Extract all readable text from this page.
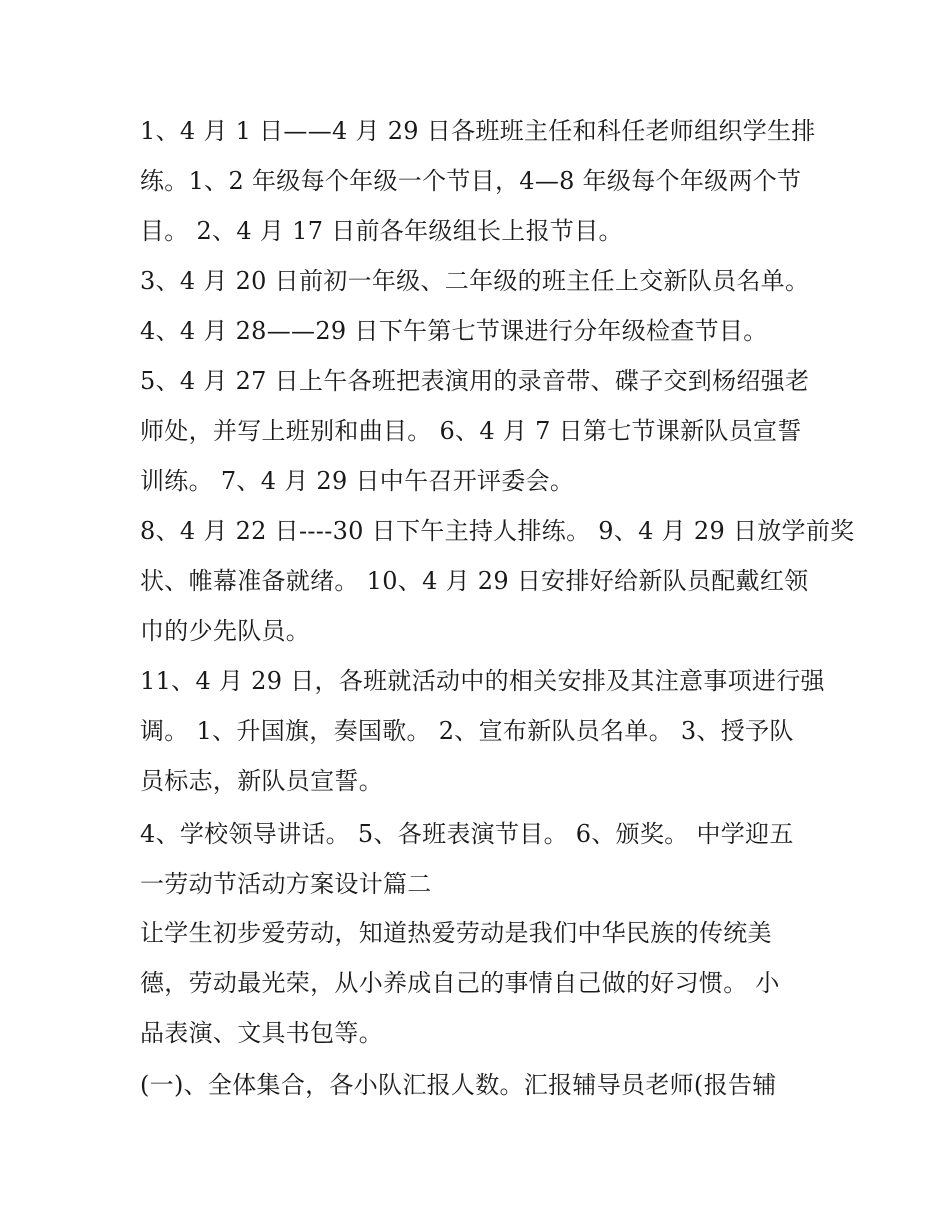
1、4 月 1 日——4 月 29 日各班班主任和科任老师组织学生排
练。1、2 年级每个年级一个节目，4—8 年级每个年级两个节
目。 2、4 月 17 日前各年级组长上报节目。

3、4 月 20 日前初一年级、二年级的班主任上交新队员名单。

4、4 月 28——29 日下午第七节课进行分年级检查节目。

5、4 月 27 日上午各班把表演用的录音带、碟子交到杨绍强老
师处，并写上班别和曲目。 6、4 月 7 日第七节课新队员宣誓
训练。 7、4 月 29 日中午召开评委会。

8、4 月 22 日----30 日下午主持人排练。 9、4 月 29 日放学前奖
状、帷幕准备就绪。 10、4 月 29 日安排好给新队员配戴红领
巾的少先队员。

11、4 月 29 日，各班就活动中的相关安排及其注意事项进行强
调。 1、升国旗，奏国歌。 2、宣布新队员名单。 3、授予队
员标志，新队员宣誓。

4、学校领导讲话。 5、各班表演节目。 6、颁奖。 中学迎五
一劳动节活动方案设计篇二

让学生初步爱劳动，知道热爱劳动是我们中华民族的传统美
德，劳动最光荣，从小养成自己的事情自己做的好习惯。 小
品表演、文具书包等。

(一)、全体集合，各小队汇报人数。汇报辅导员老师(报告辅
